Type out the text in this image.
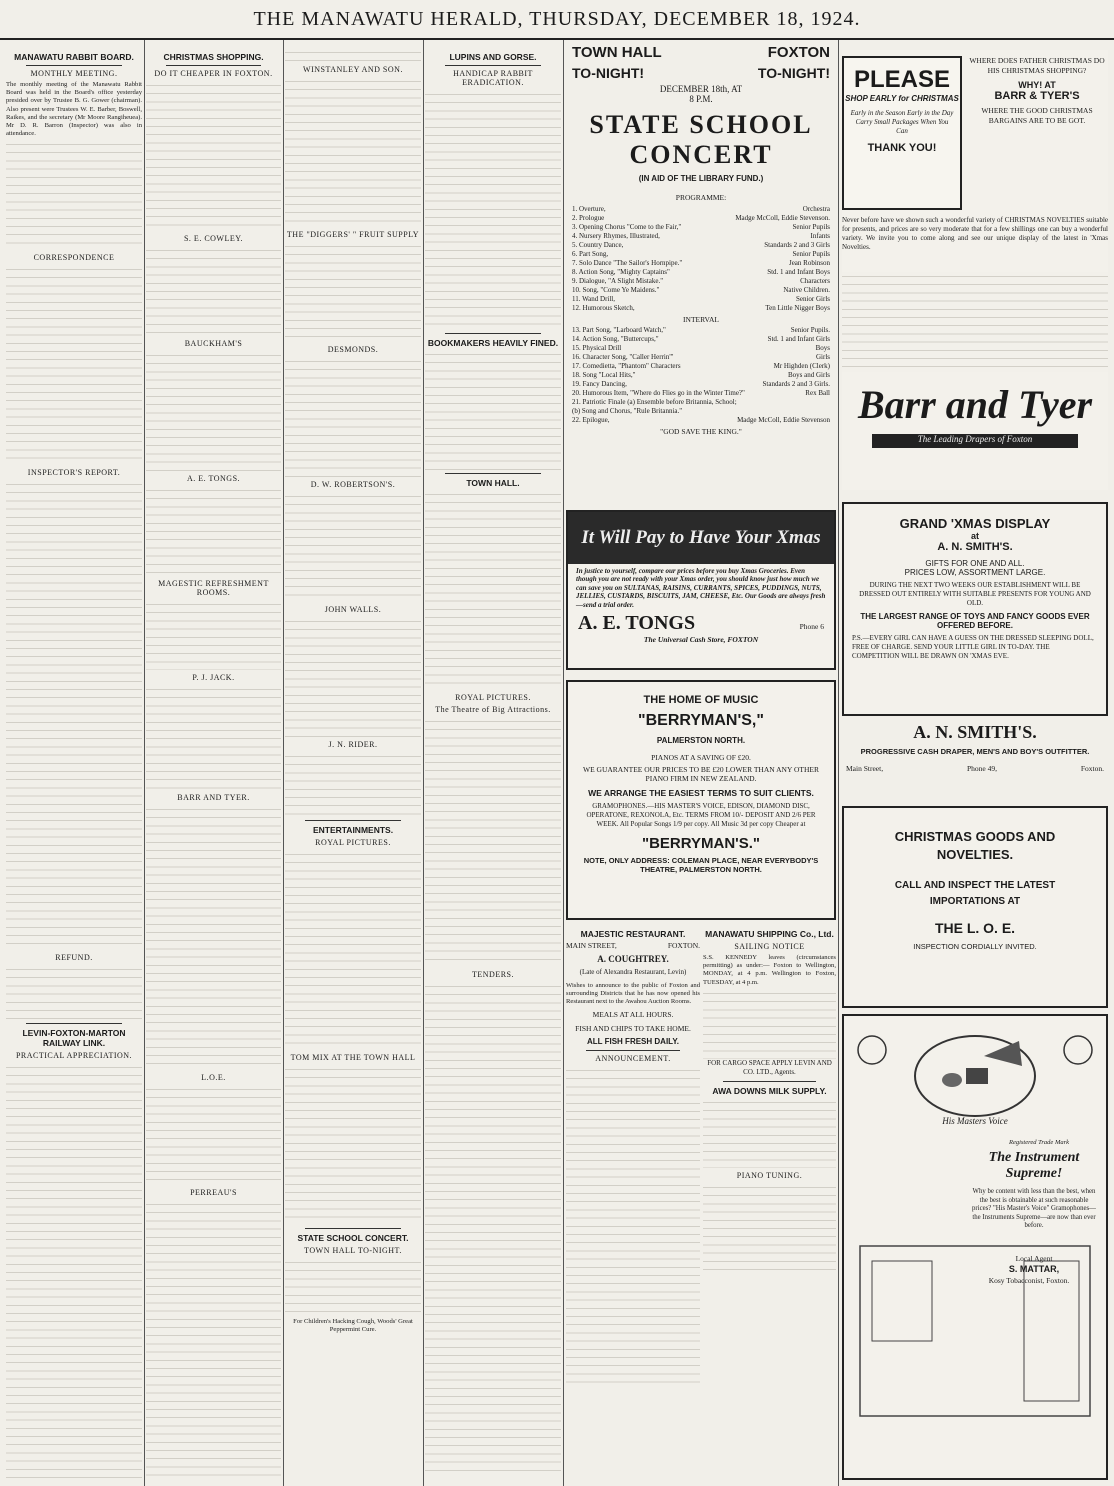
THE MANAWATU HERALD, THURSDAY, DECEMBER 18, 1924.
MANAWATU RABBIT BOARD.
MONTHLY MEETING.
The monthly meeting of the Manawatu Rabbit Board was held in the Board's office yesterday presided over by Trustee B. G. Gower (chairman). Also present were Trustees W. E. Barber, Boswell, Raikes, and the secretary (Mr Moore Rangiheuea). Mr D. R. Barron (Inspector) was also in attendance.
CORRESPONDENCE
INSPECTOR'S REPORT.
REFUND.
LEVIN-FOXTON-MARTON RAILWAY LINK.
PRACTICAL APPRECIATION.
CHRISTMAS SHOPPING.
DO IT CHEAPER IN FOXTON.
S. E. COWLEY.
BAUCKHAM'S
A. E. TONGS.
MAGESTIC REFRESHMENT ROOMS.
P. J. JACK.
BARR AND TYER.
L.O.E.
PERREAU'S
WINSTANLEY AND SON.
THE "DIGGERS' " FRUIT SUPPLY
DESMONDS.
D. W. ROBERTSON'S.
JOHN WALLS.
J. N. RIDER.
ENTERTAINMENTS.
ROYAL PICTURES.
TOM MIX AT THE TOWN HALL
STATE SCHOOL CONCERT.
TOWN HALL TO-NIGHT.
For Children's Hacking Cough, Woods' Great Peppermint Cure.
LUPINS AND GORSE.
HANDICAP RABBIT ERADICATION.
BOOKMAKERS HEAVILY FINED.
TOWN HALL.
ROYAL PICTURES.
The Theatre of Big Attractions.
TENDERS.
TOWN HALL	FOXTON
TO-NIGHT!	TO-NIGHT!
DECEMBER 18th, AT
8 P.M.
STATE SCHOOL
CONCERT
(IN AID OF THE LIBRARY FUND.)
PROGRAMME:
1. Overture,	Orchestra
2. Prologue	Madge McColl, Eddie Stevenson.
3. Opening Chorus "Come to the Fair,"	Senior Pupils
4. Nursery Rhymes, Illustrated,	Infants
5. Country Dance,	Standards 2 and 3 Girls
6. Part Song,	Senior Pupils
7. Solo Dance "The Sailor's Hornpipe."	Jean Robinson
8. Action Song, "Mighty Captains"	Std. 1 and Infant Boys
9. Dialogue, "A Slight Mistake."	Characters
10. Song, "Come Ye Maidens."	Native Children.
11. Wand Drill,	Senior Girls
12. Humorous Sketch,	Ten Little Nigger Boys
INTERVAL
13. Part Song, "Larboard Watch,"	Senior Pupils.
14. Action Song, "Buttercups,"	Std. 1 and Infant Girls
15. Physical Drill	Boys
16. Character Song, "Caller Herrin'"	Girls
17. Comedietta, "Phantom" Characters	Mr Highden (Clerk)
18. Song "Local Hits,"	Boys and Girls
19. Fancy Dancing,	Standards 2 and 3 Girls.
20. Humorous Item, "Where do Flies go in the Winter Time?"	Rex Ball
21. Patriotic Finale (a) Ensemble before Britannia, School;
(b) Song and Chorus, "Rule Britannia."
22. Epilogue,	Madge McColl, Eddie Stevenson
"GOD SAVE THE KING."
It Will Pay to Have Your Xmas
In justice to yourself, compare our prices before you buy Xmas Groceries. Even though you are not ready with your Xmas order, you should know just how much we can save you on SULTANAS, RAISINS, CURRANTS, SPICES, PUDDINGS, NUTS, JELLIES, CUSTARDS, BISCUITS, JAM, CHEESE, Etc. Our Goods are always fresh—send a trial order.
A. E. TONGS	Phone 6
The Universal Cash Store, FOXTON
THE HOME OF MUSIC
"BERRYMAN'S,"
PALMERSTON NORTH.
PIANOS AT A SAVING OF £20.
WE GUARANTEE OUR PRICES TO BE £20 LOWER THAN ANY OTHER PIANO FIRM IN NEW ZEALAND.
WE ARRANGE THE EASIEST TERMS TO SUIT CLIENTS.
GRAMOPHONES.—HIS MASTER'S VOICE, EDISON, DIAMOND DISC, OPERATONE, REXONOLA, Etc. TERMS FROM 10/- DEPOSIT AND 2/6 PER WEEK. All Popular Songs 1/9 per copy. All Music 3d per copy Cheaper at
"BERRYMAN'S."
NOTE, ONLY ADDRESS: COLEMAN PLACE, NEAR EVERYBODY'S THEATRE, PALMERSTON NORTH.
MAJESTIC RESTAURANT.
MAIN STREET,	FOXTON.
A. COUGHTREY.
(Late of Alexandra Restaurant, Levin)
Wishes to announce to the public of Foxton and surrounding Districts that he has now opened his Restaurant next to the Awahou Auction Rooms.
MEALS AT ALL HOURS.
FISH AND CHIPS TO TAKE HOME.
ALL FISH FRESH DAILY.
ANNOUNCEMENT.
MANAWATU SHIPPING Co., Ltd.
SAILING NOTICE
S.S. KENNEDY leaves (circumstances permitting) as under:— Foxton to Wellington, MONDAY, at 4 p.m. Wellington to Foxton, TUESDAY, at 4 p.m.
FOR CARGO SPACE APPLY LEVIN AND CO. LTD., Agents.
AWA DOWNS MILK SUPPLY.
PIANO TUNING.
PLEASE
SHOP EARLY for CHRISTMAS
Early in the Season Early in the Day Carry Small Packages When You Can
THANK YOU!
WHERE DOES FATHER CHRISTMAS DO HIS CHRISTMAS SHOPPING?
WHY! AT
BARR & TYER'S
WHERE THE GOOD CHRISTMAS BARGAINS ARE TO BE GOT.
Never before have we shown such a wonderful variety of CHRISTMAS NOVELTIES suitable for presents, and prices are so very moderate that for a few shillings one can buy a wonderful variety. We invite you to come along and see our unique display of the latest in 'Xmas Novelties.
Barr and Tyer
The Leading Drapers of Foxton
GRAND 'XMAS DISPLAY
at
A. N. SMITH'S.
GIFTS FOR ONE AND ALL.
PRICES LOW, ASSORTMENT LARGE.
DURING THE NEXT TWO WEEKS OUR ESTABLISHMENT WILL BE DRESSED OUT ENTIRELY WITH SUITABLE PRESENTS FOR YOUNG AND OLD.
THE LARGEST RANGE OF TOYS AND FANCY GOODS EVER OFFERED BEFORE.
P.S.—EVERY GIRL CAN HAVE A GUESS ON THE DRESSED SLEEPING DOLL, FREE OF CHARGE. SEND YOUR LITTLE GIRL IN TO-DAY. THE COMPETITION WILL BE DRAWN ON 'XMAS EVE.
A. N. SMITH'S.
PROGRESSIVE CASH DRAPER, MEN'S AND BOY'S OUTFITTER.
Main Street,	Phone 49,	Foxton.
CHRISTMAS GOODS AND NOVELTIES.
CALL AND INSPECT THE LATEST IMPORTATIONS AT
THE L. O. E.
INSPECTION CORDIALLY INVITED.
His Masters Voice
Registered Trade Mark
The Instrument Supreme!
Why be content with less than the best, when the best is obtainable at such reasonable prices? "His Master's Voice" Gramophones—the Instruments Supreme—are now than ever before.
Local Agent
S. MATTAR,
Kosy Tobacconist, Foxton.
